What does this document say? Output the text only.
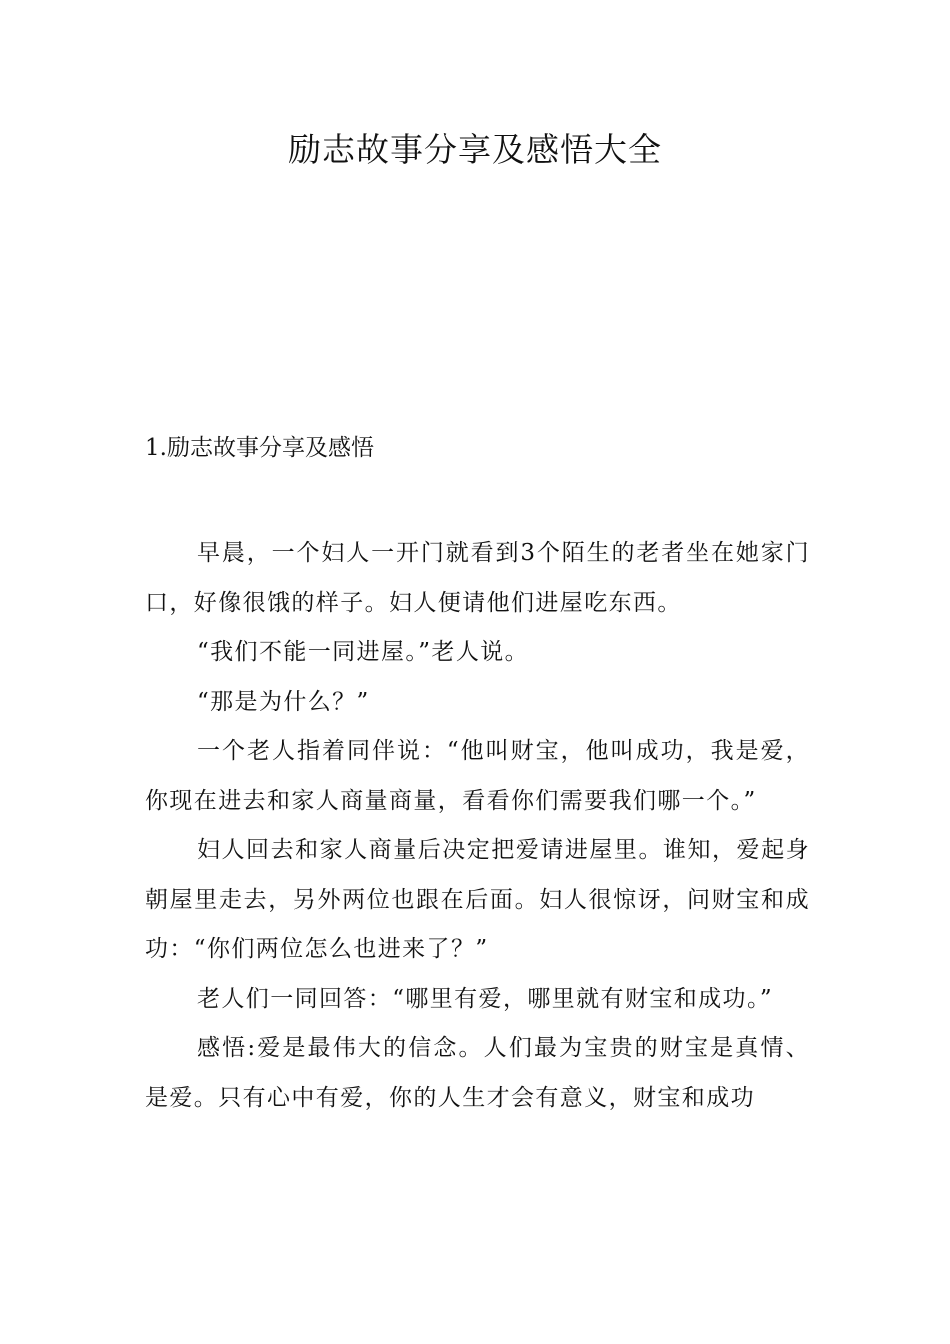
励志故事分享及感悟大全

1.励志故事分享及感悟

早晨，一个妇人一开门就看到3个陌生的老者坐在她家门口，好像很饿的样子。妇人便请他们进屋吃东西。

“我们不能一同进屋。”老人说。

“那是为什么？”

一个老人指着同伴说：“他叫财宝，他叫成功，我是爱，你现在进去和家人商量商量，看看你们需要我们哪一个。”

妇人回去和家人商量后决定把爱请进屋里。谁知，爱起身朝屋里走去，另外两位也跟在后面。妇人很惊讶，问财宝和成功：“你们两位怎么也进来了？”

老人们一同回答：“哪里有爱，哪里就有财宝和成功。”

感悟:爱是最伟大的信念。人们最为宝贵的财宝是真情、是爱。只有心中有爱，你的人生才会有意义，财宝和成功
